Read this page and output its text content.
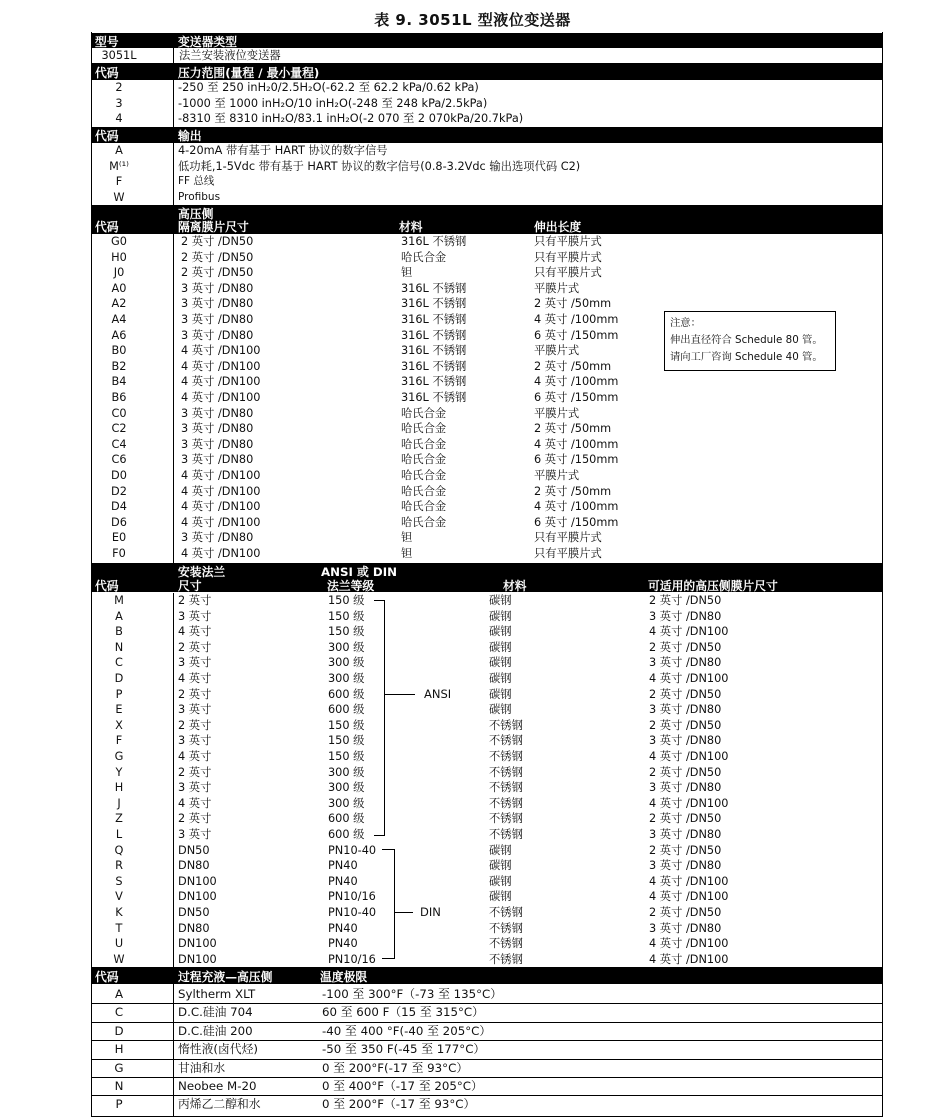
表 9. 3051L 型液位变送器
型号	变送器类型
3051L	法兰安装液位变送器
代码	压力范围(量程 / 最小量程)
2	-250 至 250 inH₂0/2.5H₂O(-62.2 至 62.2 kPa/0.62 kPa)
3	-1000 至 1000 inH₂O/10 inH₂O(-248 至 248 kPa/2.5kPa)
4	-8310 至 8310 inH₂O/83.1 inH₂O(-2 070 至 2 070kPa/20.7kPa)
代码	输出
A	4-20mA 带有基于 HART 协议的数字信号
M⁽¹⁾	低功耗,1-5Vdc 带有基于 HART 协议的数字信号(0.8-3.2Vdc 输出选项代码 C2)
F	FF 总线
W	Profibus
高压侧
代码	隔离膜片尺寸	材料	伸出长度
G0	2 英寸 /DN50	316L 不锈钢	只有平膜片式
H0	2 英寸 /DN50	哈氏合金	只有平膜片式
J0	2 英寸 /DN50	钽	只有平膜片式
A0	3 英寸 /DN80	316L 不锈钢	平膜片式
A2	3 英寸 /DN80	316L 不锈钢	2 英寸 /50mm
A4	3 英寸 /DN80	316L 不锈钢	4 英寸 /100mm
A6	3 英寸 /DN80	316L 不锈钢	6 英寸 /150mm
B0	4 英寸 /DN100	316L 不锈钢	平膜片式
B2	4 英寸 /DN100	316L 不锈钢	2 英寸 /50mm
B4	4 英寸 /DN100	316L 不锈钢	4 英寸 /100mm
B6	4 英寸 /DN100	316L 不锈钢	6 英寸 /150mm
C0	3 英寸 /DN80	哈氏合金	平膜片式
C2	3 英寸 /DN80	哈氏合金	2 英寸 /50mm
C4	3 英寸 /DN80	哈氏合金	4 英寸 /100mm
C6	3 英寸 /DN80	哈氏合金	6 英寸 /150mm
D0	4 英寸 /DN100	哈氏合金	平膜片式
D2	4 英寸 /DN100	哈氏合金	2 英寸 /50mm
D4	4 英寸 /DN100	哈氏合金	4 英寸 /100mm
D6	4 英寸 /DN100	哈氏合金	6 英寸 /150mm
E0	3 英寸 /DN80	钽	只有平膜片式
F0	4 英寸 /DN100	钽	只有平膜片式
注意：
伸出直径符合 Schedule 80 管。
请向工厂咨询 Schedule 40 管。
安装法兰	ANSI 或 DIN
代码	尺寸	法兰等级	材料	可适用的高压侧膜片尺寸
M	2 英寸	150 级	碳钢	2 英寸 /DN50
A	3 英寸	150 级	碳钢	3 英寸 /DN80
B	4 英寸	150 级	碳钢	4 英寸 /DN100
N	2 英寸	300 级	碳钢	2 英寸 /DN50
C	3 英寸	300 级	碳钢	3 英寸 /DN80
D	4 英寸	300 级	碳钢	4 英寸 /DN100
P	2 英寸	600 级	碳钢	2 英寸 /DN50
E	3 英寸	600 级	碳钢	3 英寸 /DN80
X	2 英寸	150 级	不锈钢	2 英寸 /DN50
F	3 英寸	150 级	不锈钢	3 英寸 /DN80
G	4 英寸	150 级	不锈钢	4 英寸 /DN100
Y	2 英寸	300 级	不锈钢	2 英寸 /DN50
H	3 英寸	300 级	不锈钢	3 英寸 /DN80
J	4 英寸	300 级	不锈钢	4 英寸 /DN100
Z	2 英寸	600 级	不锈钢	2 英寸 /DN50
L	3 英寸	600 级	不锈钢	3 英寸 /DN80
Q	DN50	PN10-40	碳钢	2 英寸 /DN50
R	DN80	PN40	碳钢	3 英寸 /DN80
S	DN100	PN40	碳钢	4 英寸 /DN100
V	DN100	PN10/16	碳钢	4 英寸 /DN100
K	DN50	PN10-40	不锈钢	2 英寸 /DN50
T	DN80	PN40	不锈钢	3 英寸 /DN80
U	DN100	PN40	不锈钢	4 英寸 /DN100
W	DN100	PN10/16	不锈钢	4 英寸 /DN100
ANSI
DIN
代码	过程充液—高压侧	温度极限
A	Syltherm XLT	-100 至 300°F（-73 至 135°C）
C	D.C.硅油 704	60 至 600 F（15 至 315°C）
D	D.C.硅油 200	-40 至 400 °F(-40 至 205°C）
H	惰性液(卤代烃)	-50 至 350 F(-45 至 177°C）
G	甘油和水	0 至 200°F(-17 至 93°C）
N	Neobee M-20	0 至 400°F（-17 至 205°C）
P	丙烯乙二醇和水	0 至 200°F（-17 至 93°C）
